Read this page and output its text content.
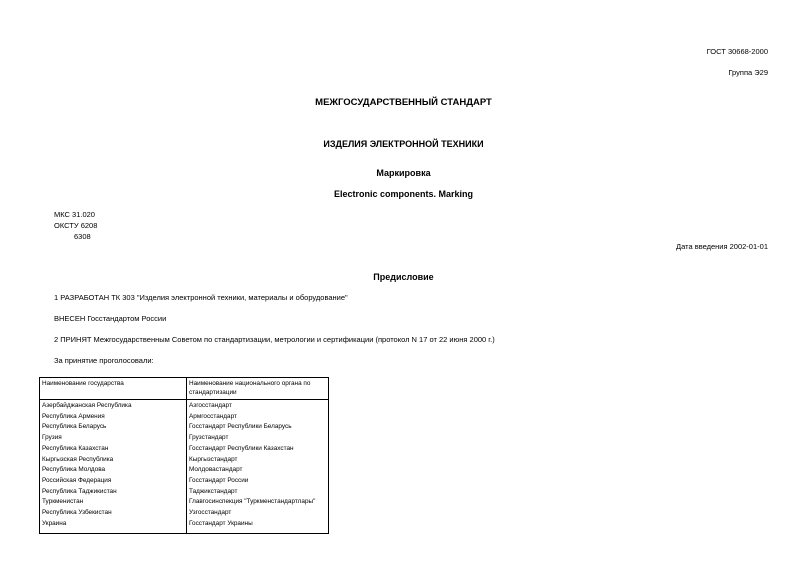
ГОСТ 30668-2000
Группа Э29
МЕЖГОСУДАРСТВЕННЫЙ СТАНДАРТ
ИЗДЕЛИЯ ЭЛЕКТРОННОЙ ТЕХНИКИ
Маркировка
Electronic components. Marking
МКС 31.020
ОКСТУ 6208
6308
Дата введения 2002-01-01
Предисловие
1 РАЗРАБОТАН ТК 303 "Изделия электронной техники, материалы и оборудование"
ВНЕСЕН Госстандартом России
2 ПРИНЯТ Межгосударственным Советом по стандартизации, метрологии и сертификации (протокол N 17 от 22 июня 2000 г.)
За принятие проголосовали:
Наименование государства	Наименование национального органа по стандартизации
Азербайджанская Республика	Азгосстандарт
Республика Армения	Армгосстандарт
Республика Беларусь	Госстандарт Республики Беларусь
Грузия	Грузстандарт
Республика Казахстан	Госстандарт Республики Казахстан
Кыргызская Республика	Кыргызстандарт
Республика Молдова	Молдовастандарт
Российская Федерация	Госстандарт России
Республика Таджикистан	Таджикстандарт
Туркменистан	Главгосинспекция "Туркменстандартлары"
Республика Узбекистан	Узгосстандарт
Украина	Госстандарт Украины
